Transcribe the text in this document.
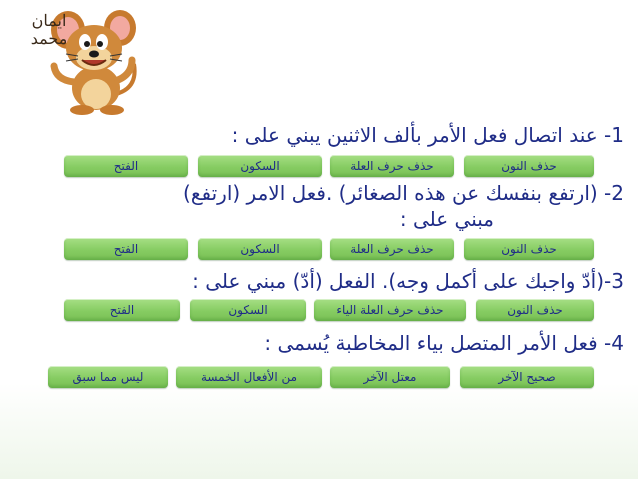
ايمان
محمد
1- عند اتصال فعل الأمر بألف الاثنين يبني على :
حذف النون
حذف حرف العلة
السكون
الفتح
2- (ارتفع بنفسك عن هذه الصغائر) .فعل الامر (ارتفع)
مبني على :
حذف النون
حذف حرف العلة
السكون
الفتح
3-(أدّ واجبك على أكمل وجه). الفعل (أدّ) مبني على :
حذف النون
حذف حرف العلة الياء
السكون
الفتح
4- فعل الأمر المتصل بياء المخاطبة يُسمى :
صحيح الآخر
معتل الآخر
من الأفعال الخمسة
ليس مما سبق
